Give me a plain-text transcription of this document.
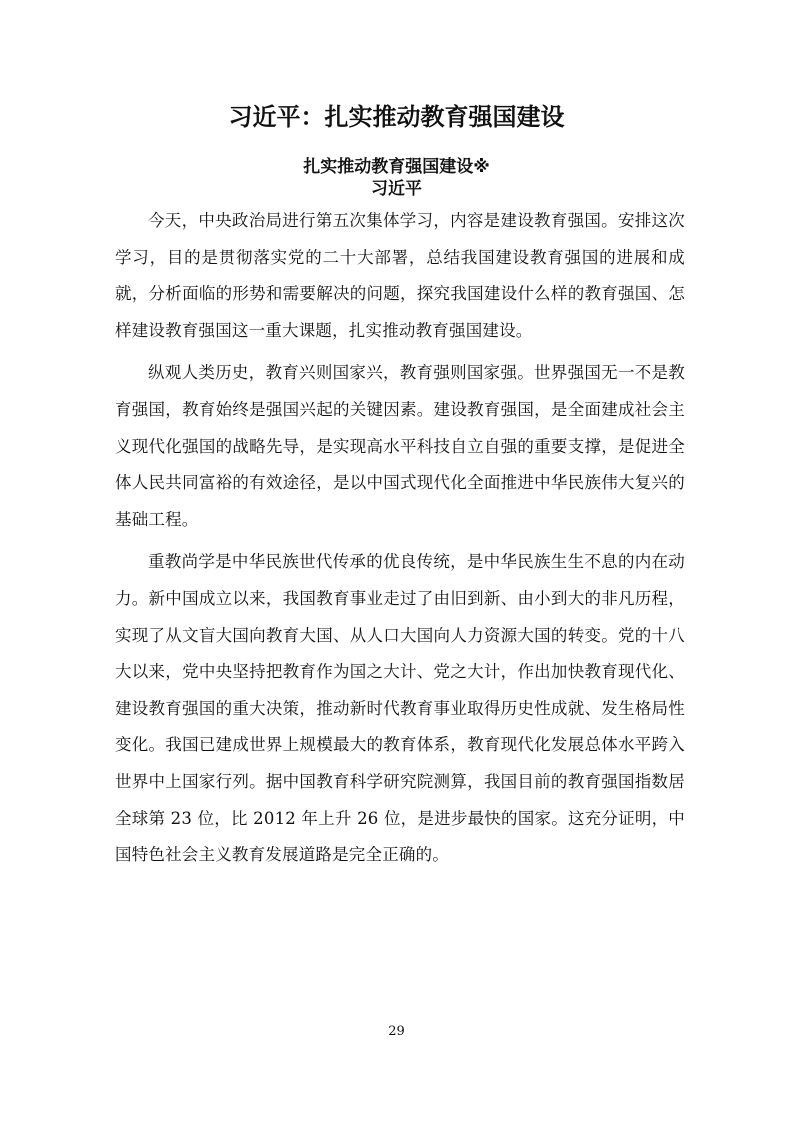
习近平：扎实推动教育强国建设
扎实推动教育强国建设※
习近平

今天，中央政治局进行第五次集体学习，内容是建设教育强国。安排这次学习，目的是贯彻落实党的二十大部署，总结我国建设教育强国的进展和成就，分析面临的形势和需要解决的问题，探究我国建设什么样的教育强国、怎样建设教育强国这一重大课题，扎实推动教育强国建设。

纵观人类历史，教育兴则国家兴，教育强则国家强。世界强国无一不是教育强国，教育始终是强国兴起的关键因素。建设教育强国，是全面建成社会主义现代化强国的战略先导，是实现高水平科技自立自强的重要支撑，是促进全体人民共同富裕的有效途径，是以中国式现代化全面推进中华民族伟大复兴的基础工程。

重教尚学是中华民族世代传承的优良传统，是中华民族生生不息的内在动力。新中国成立以来，我国教育事业走过了由旧到新、由小到大的非凡历程，实现了从文盲大国向教育大国、从人口大国向人力资源大国的转变。党的十八大以来，党中央坚持把教育作为国之大计、党之大计，作出加快教育现代化、建设教育强国的重大决策，推动新时代教育事业取得历史性成就、发生格局性变化。我国已建成世界上规模最大的教育体系，教育现代化发展总体水平跨入世界中上国家行列。据中国教育科学研究院测算，我国目前的教育强国指数居全球第 23 位，比 2012 年上升 26 位，是进步最快的国家。这充分证明，中国特色社会主义教育发展道路是完全正确的。

29
